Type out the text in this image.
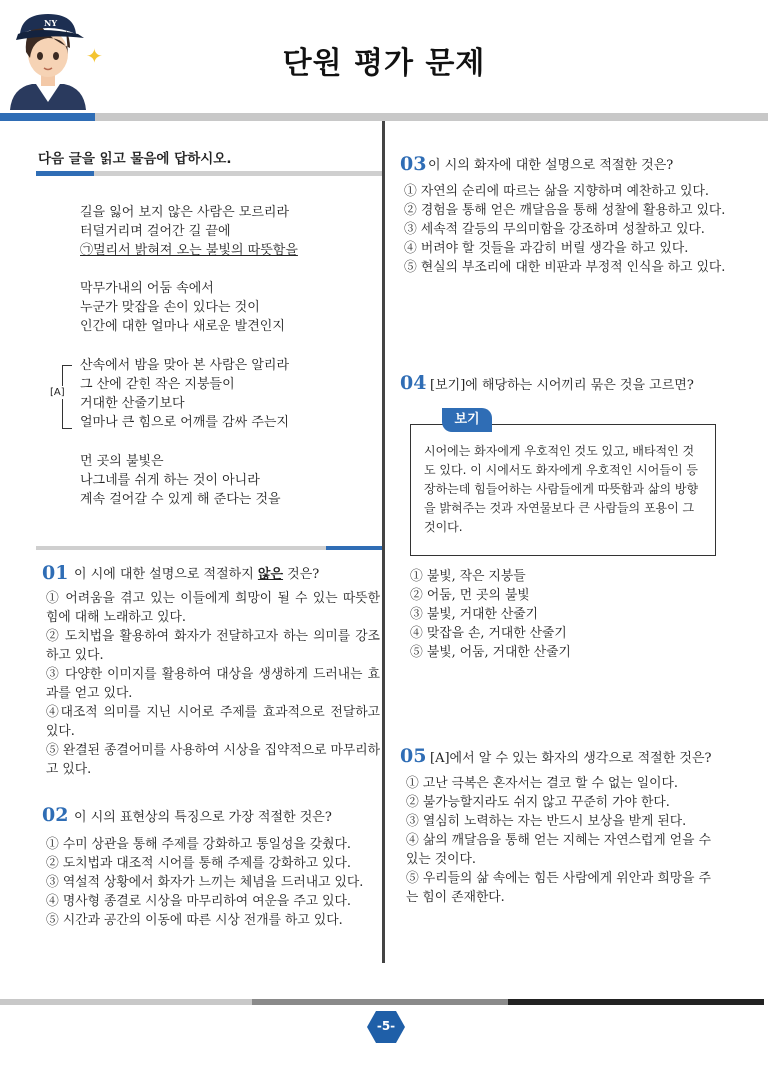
NY
✦	단원 평가 문제
다음 글을 읽고 물음에 답하시오.
길을 잃어 보지 않은 사람은 모르리라
터덜거리며 걸어간 길 끝에
㉠멀리서 밝혀져 오는 불빛의 따뜻함을
막무가내의 어둠 속에서
누군가 맞잡을 손이 있다는 것이
인간에 대한 얼마나 새로운 발견인지
산속에서 밤을 맞아 본 사람은 알리라
그 산에 갇힌 작은 지붕들이
거대한 산줄기보다
얼마나 큰 힘으로 어깨를 감싸 주는지
먼 곳의 불빛은
나그네를 쉬게 하는 것이 아니라
계속 걸어갈 수 있게 해 준다는 것을
[A]
01 이 시에 대한 설명으로 적절하지 않은 것은?
① 어려움을 겪고 있는 이들에게 희망이 될 수 있는 따뜻한 힘에 대해 노래하고 있다.
② 도치법을 활용하여 화자가 전달하고자 하는 의미를 강조하고 있다.
③ 다양한 이미지를 활용하여 대상을 생생하게 드러내는 효과를 얻고 있다.
④대조적 의미를 지닌 시어로 주제를 효과적으로 전달하고 있다.
⑤ 완결된 종결어미를 사용하여 시상을 집약적으로 마무리하고 있다.
02 이 시의 표현상의 특징으로 가장 적절한 것은?
① 수미 상관을 통해 주제를 강화하고 통일성을 갖췄다.
② 도치법과 대조적 시어를 통해 주제를 강화하고 있다.
③ 역설적 상황에서 화자가 느끼는 체념을 드러내고 있다.
④ 명사형 종결로 시상을 마무리하여 여운을 주고 있다.
⑤ 시간과 공간의 이동에 따른 시상 전개를 하고 있다.
03 이 시의 화자에 대한 설명으로 적절한 것은?
① 자연의 순리에 따르는 삶을 지향하며 예찬하고 있다.
② 경험을 통해 얻은 깨달음을 통해 성찰에 활용하고 있다.
③ 세속적 갈등의 무의미함을 강조하며 성찰하고 있다.
④ 버려야 할 것들을 과감히 버릴 생각을 하고 있다.
⑤ 현실의 부조리에 대한 비판과 부정적 인식을 하고 있다.
04 [보기]에 해당하는 시어끼리 묶은 것을 고르면?
보기
시어에는 화자에게 우호적인 것도 있고, 배타적인 것도 있다. 이 시에서도 화자에게 우호적인 시어들이 등장하는데 힘들어하는 사람들에게 따뜻함과 삶의 방향을 밝혀주는 것과 자연물보다 큰 사람들의 포용이 그것이다.
① 불빛, 작은 지붕들
② 어둠, 먼 곳의 불빛
③ 불빛, 거대한 산줄기
④ 맞잡을 손, 거대한 산줄기
⑤ 불빛, 어둠, 거대한 산줄기
05 [A]에서 알 수 있는 화자의 생각으로 적절한 것은?
① 고난 극복은 혼자서는 결코 할 수 없는 일이다.
② 불가능할지라도 쉬지 않고 꾸준히 가야 한다.
③ 열심히 노력하는 자는 반드시 보상을 받게 된다.
④ 삶의 깨달음을 통해 얻는 지혜는 자연스럽게 얻을 수 있는 것이다.
⑤ 우리들의 삶 속에는 힘든 사람에게 위안과 희망을 주는 힘이 존재한다.
-5-
